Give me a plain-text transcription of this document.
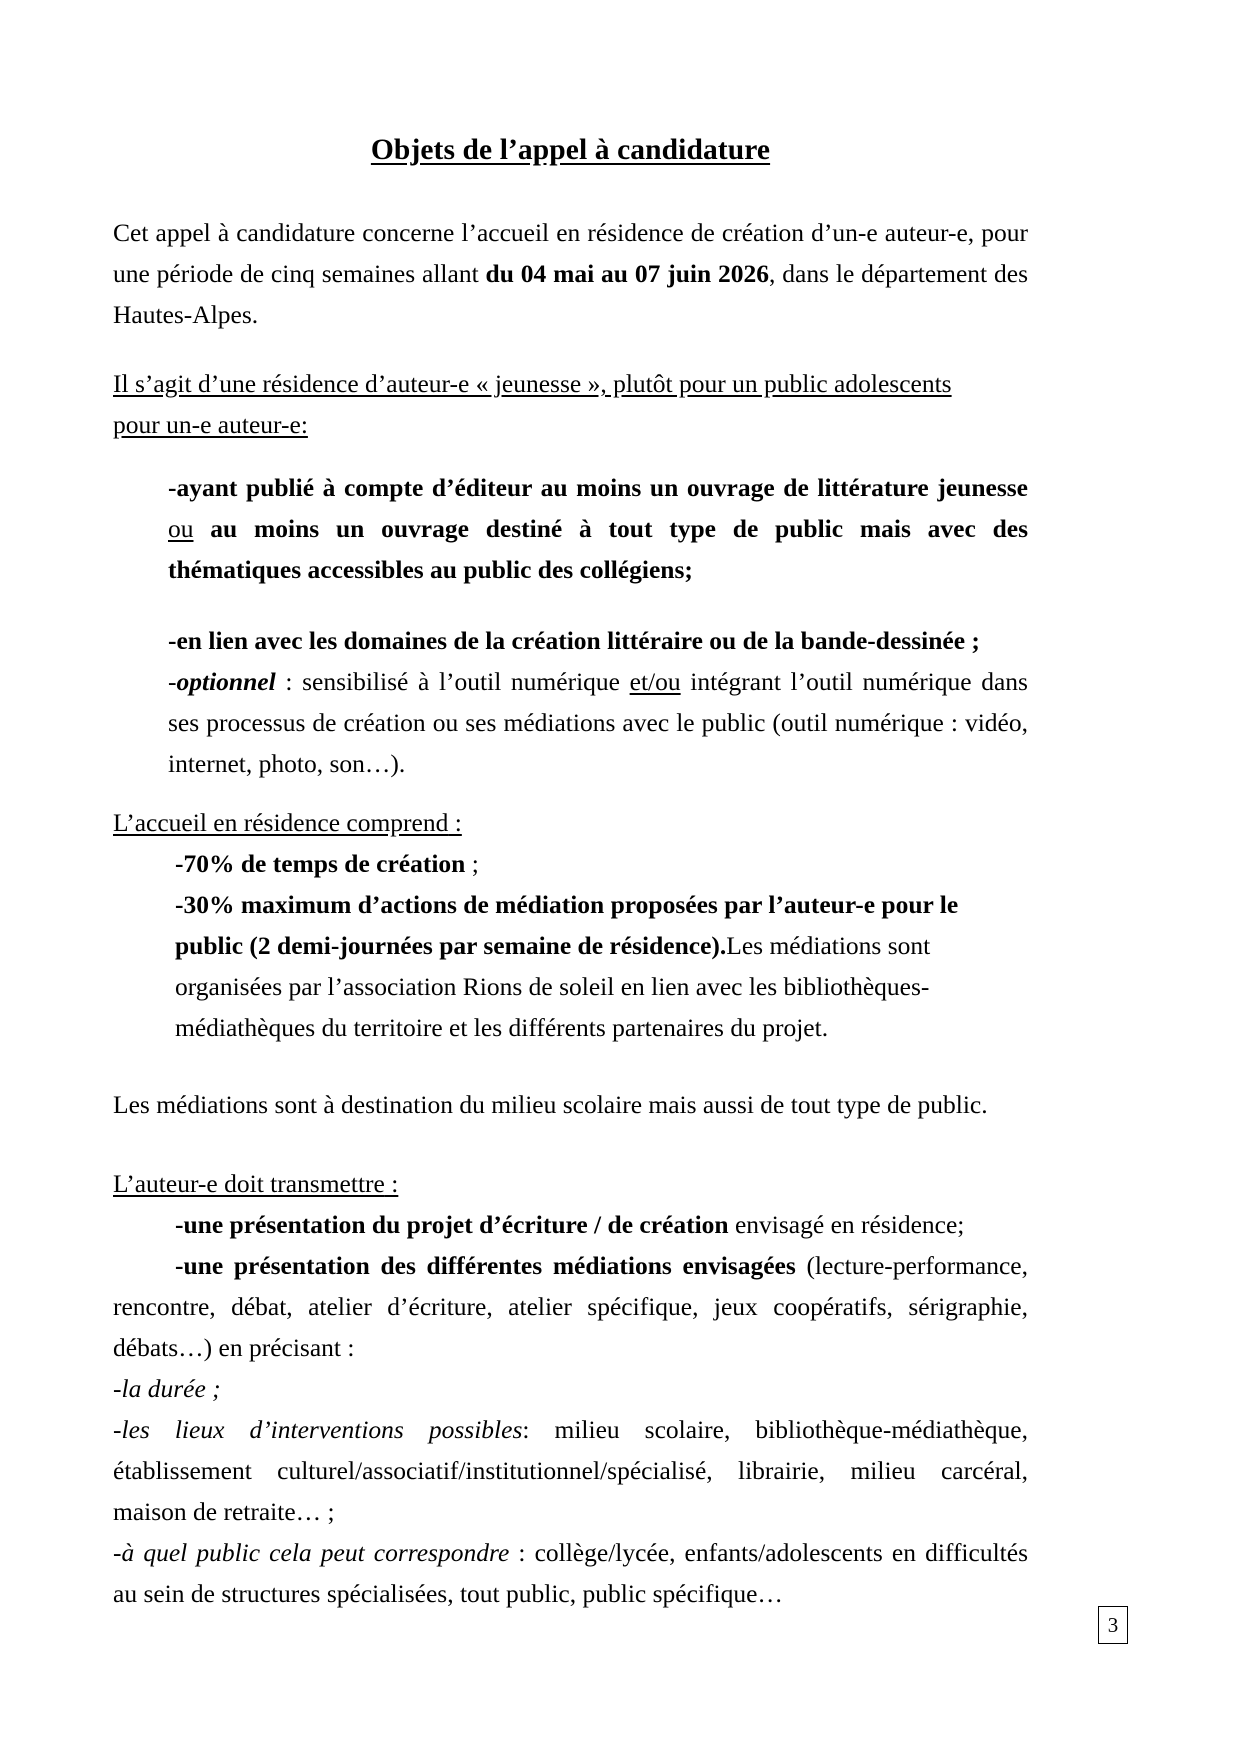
Objets de l’appel à candidature

Cet appel à candidature concerne l’accueil en résidence de création d’un-e auteur-e, pour une période de cinq semaines allant du 04 mai au 07 juin 2026, dans le département des Hautes-Alpes.

Il s’agit d’une résidence d’auteur-e « jeunesse », plutôt pour un public adolescents

pour un-e auteur-e:

-ayant publié à compte d’éditeur au moins un ouvrage de littérature jeunesse ou au moins un ouvrage destiné à tout type de public mais avec des thématiques accessibles au public des collégiens;

-en lien avec les domaines de la création littéraire ou de la bande-dessinée ;

-optionnel : sensibilisé à l’outil numérique et/ou intégrant l’outil numérique dans ses processus de création ou ses médiations avec le public (outil numérique : vidéo, internet, photo, son…).

L’accueil en résidence comprend :

-70% de temps de création ;

-30% maximum d’actions de médiation proposées par l’auteur-e pour le public (2 demi-journées par semaine de résidence).Les médiations sont organisées par l’association Rions de soleil en lien avec les bibliothèques-médiathèques du territoire et les différents partenaires du projet.

Les médiations sont à destination du milieu scolaire mais aussi de tout type de public.

L’auteur-e doit transmettre :

-une présentation du projet d’écriture / de création envisagé en résidence;

-une présentation des différentes médiations envisagées (lecture-performance, rencontre, débat, atelier d’écriture, atelier spécifique, jeux coopératifs, sérigraphie, débats…) en précisant :

-la durée ;

-les lieux d’interventions possibles: milieu scolaire, bibliothèque-médiathèque, établissement culturel/associatif/institutionnel/spécialisé, librairie, milieu carcéral, maison de retraite… ;

-à quel public cela peut correspondre : collège/lycée, enfants/adolescents en difficultés au sein de structures spécialisées, tout public, public spécifique…

3
